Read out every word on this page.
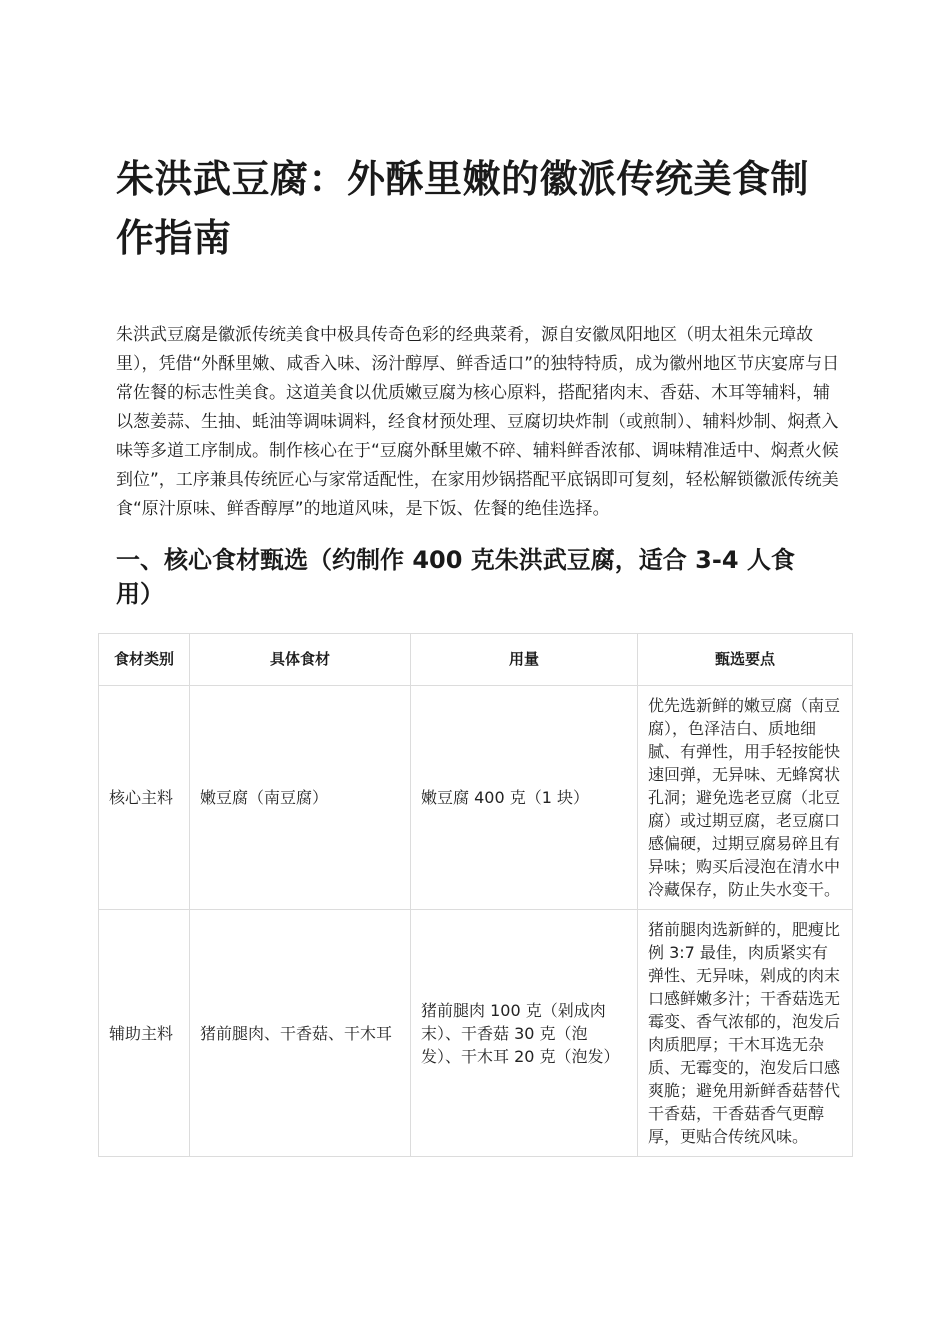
朱洪武豆腐：外酥里嫩的徽派传统美食制作指南

朱洪武豆腐是徽派传统美食中极具传奇色彩的经典菜肴，源自安徽凤阳地区（明太祖朱元璋故里），凭借“外酥里嫩、咸香入味、汤汁醇厚、鲜香适口”的独特特质，成为徽州地区节庆宴席与日常佐餐的标志性美食。这道美食以优质嫩豆腐为核心原料，搭配猪肉末、香菇、木耳等辅料，辅以葱姜蒜、生抽、蚝油等调味调料，经食材预处理、豆腐切块炸制（或煎制）、辅料炒制、焖煮入味等多道工序制成。制作核心在于“豆腐外酥里嫩不碎、辅料鲜香浓郁、调味精准适中、焖煮火候到位”，工序兼具传统匠心与家常适配性，在家用炒锅搭配平底锅即可复刻，轻松解锁徽派传统美食“原汁原味、鲜香醇厚”的地道风味，是下饭、佐餐的绝佳选择。

一、核心食材甄选（约制作 400 克朱洪武豆腐，适合 3-4 人食用）
食材类别	具体食材	用量	甄选要点
核心主料	嫩豆腐（南豆腐）	嫩豆腐 400 克（1 块）	优先选新鲜的嫩豆腐（南豆腐），色泽洁白、质地细腻、有弹性，用手轻按能快速回弹，无异味、无蜂窝状孔洞；避免选老豆腐（北豆腐）或过期豆腐，老豆腐口感偏硬，过期豆腐易碎且有异味；购买后浸泡在清水中冷藏保存，防止失水变干。
辅助主料	猪前腿肉、干香菇、干木耳	猪前腿肉 100 克（剁成肉末）、干香菇 30 克（泡发）、干木耳 20 克（泡发）	猪前腿肉选新鲜的，肥瘦比例 3:7 最佳，肉质紧实有弹性、无异味，剁成的肉末口感鲜嫩多汁；干香菇选无霉变、香气浓郁的，泡发后肉质肥厚；干木耳选无杂质、无霉变的，泡发后口感爽脆；避免用新鲜香菇替代干香菇，干香菇香气更醇厚，更贴合传统风味。
